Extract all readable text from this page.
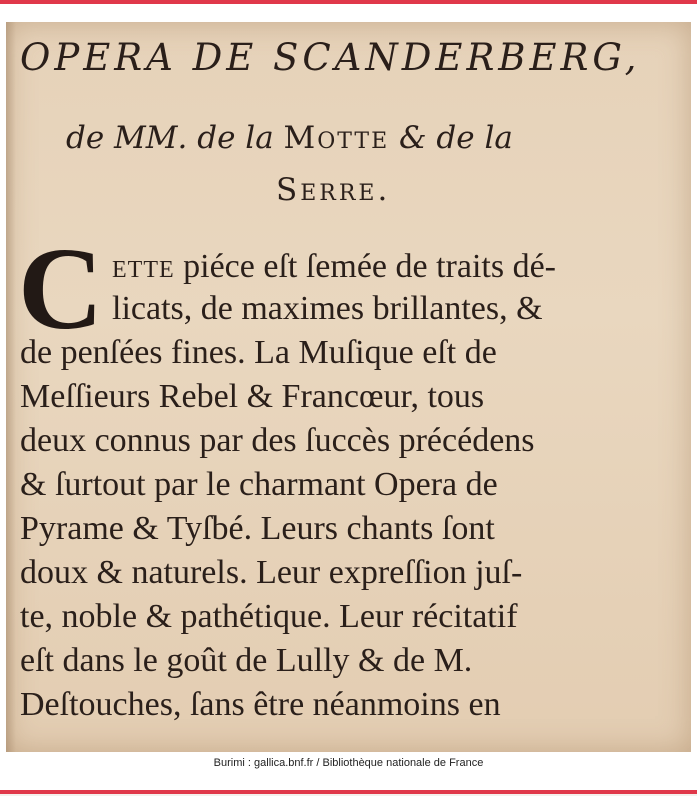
OPERA DE SCANDERBERG,
de MM. de la Motte & de la
Serre.
C ette piéce eſt ſemée de traits dé-
licats, de maximes brillantes, &
de penſées fines. La Muſique eſt de
Meſſieurs Rebel & Francœur, tous
deux connus par des ſuccès précédens
& ſurtout par le charmant Opera de
Pyrame & Tyſbé. Leurs chants ſont
doux & naturels. Leur expreſſion juſ-
te, noble & pathétique. Leur récitatif
eſt dans le goût de Lully & de M.
Deſtouches, ſans être néanmoins en
Burimi : gallica.bnf.fr / Bibliothèque nationale de France
